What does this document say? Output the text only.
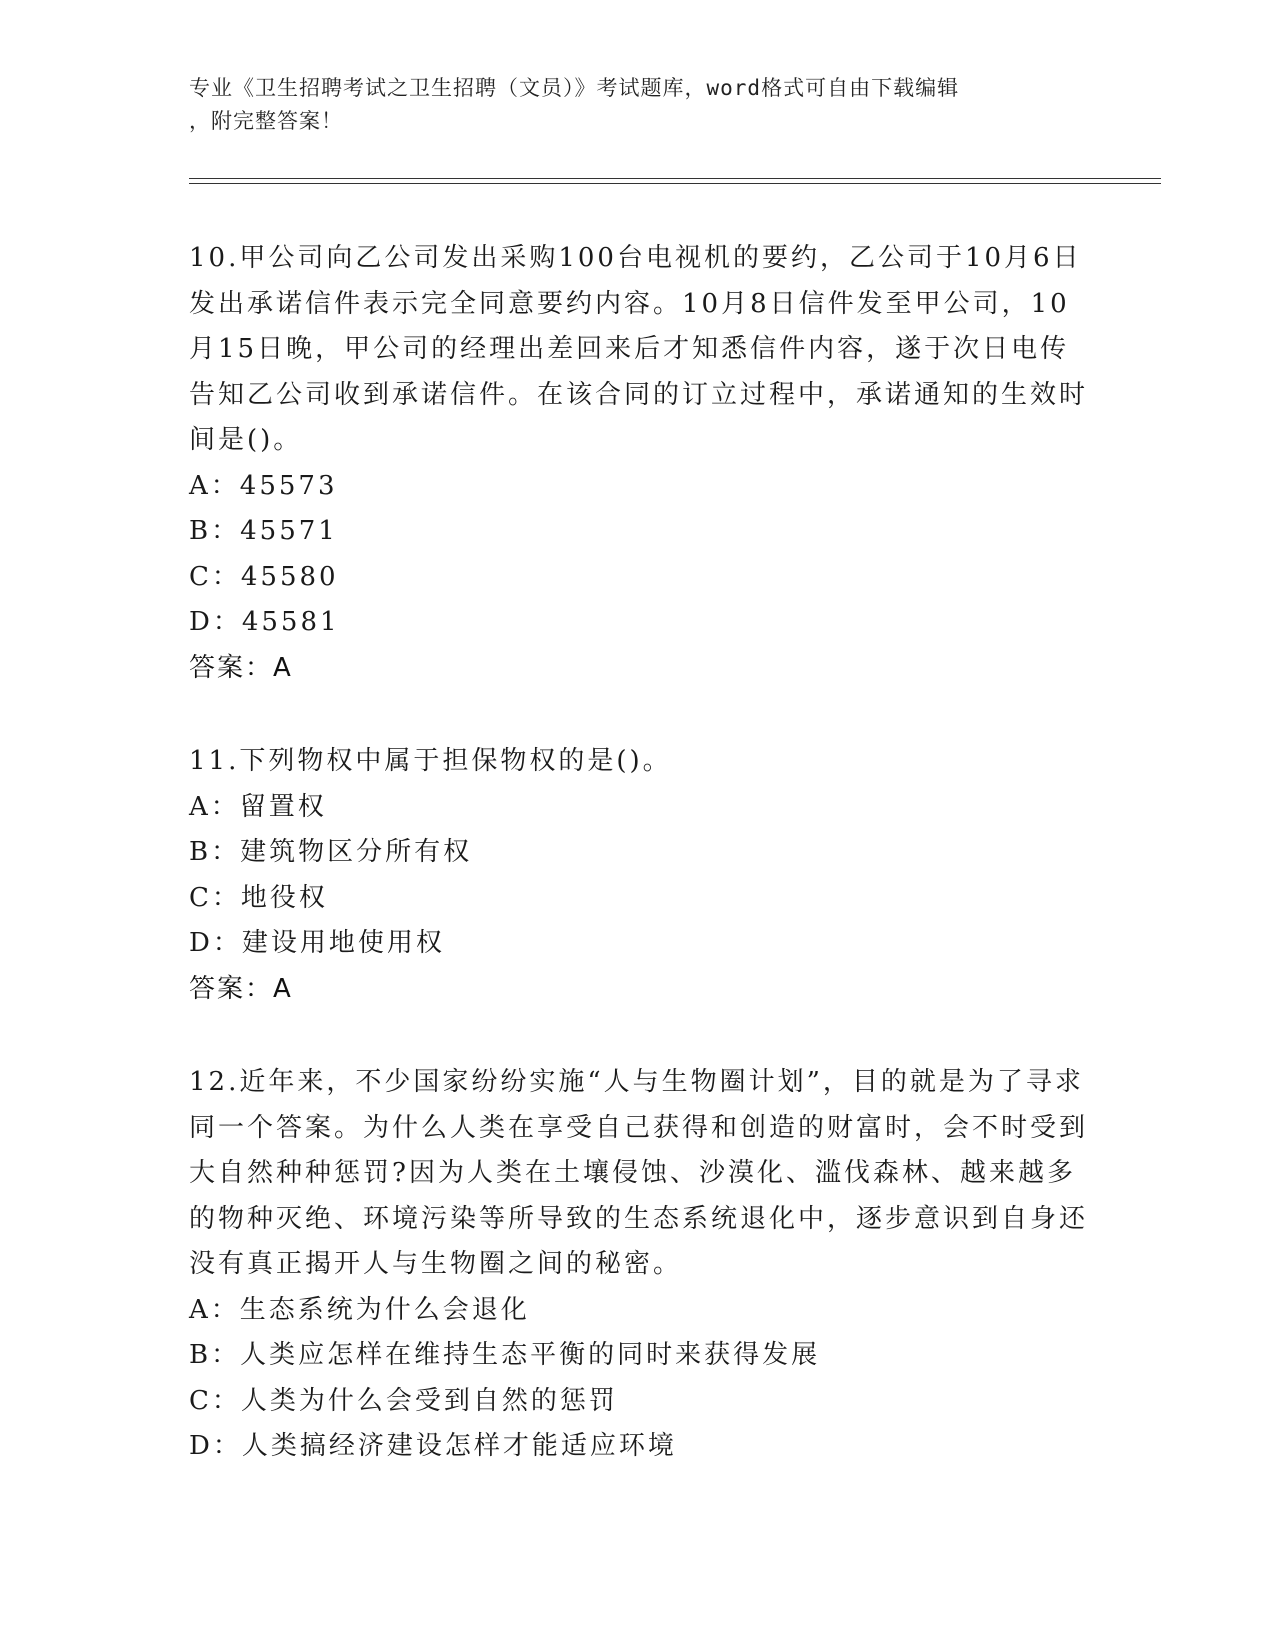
专业《卫生招聘考试之卫生招聘（文员）》考试题库，word格式可自由下载编辑

，附完整答案！

10.甲公司向乙公司发出采购100台电视机的要约，乙公司于10月6日发出承诺信件表示完全同意要约内容。10月8日信件发至甲公司，10月15日晚，甲公司的经理出差回来后才知悉信件内容，遂于次日电传告知乙公司收到承诺信件。在该合同的订立过程中，承诺通知的生效时间是()。

A：45573

B：45571

C：45580

D：45581

答案：A

11.下列物权中属于担保物权的是()。

A：留置权

B：建筑物区分所有权

C：地役权

D：建设用地使用权

答案：A

12.近年来，不少国家纷纷实施“人与生物圈计划”，目的就是为了寻求同一个答案。为什么人类在享受自己获得和创造的财富时，会不时受到大自然种种惩罚?因为人类在土壤侵蚀、沙漠化、滥伐森林、越来越多的物种灭绝、环境污染等所导致的生态系统退化中，逐步意识到自身还没有真正揭开人与生物圈之间的秘密。

A：生态系统为什么会退化

B：人类应怎样在维持生态平衡的同时来获得发展

C：人类为什么会受到自然的惩罚

D：人类搞经济建设怎样才能适应环境
